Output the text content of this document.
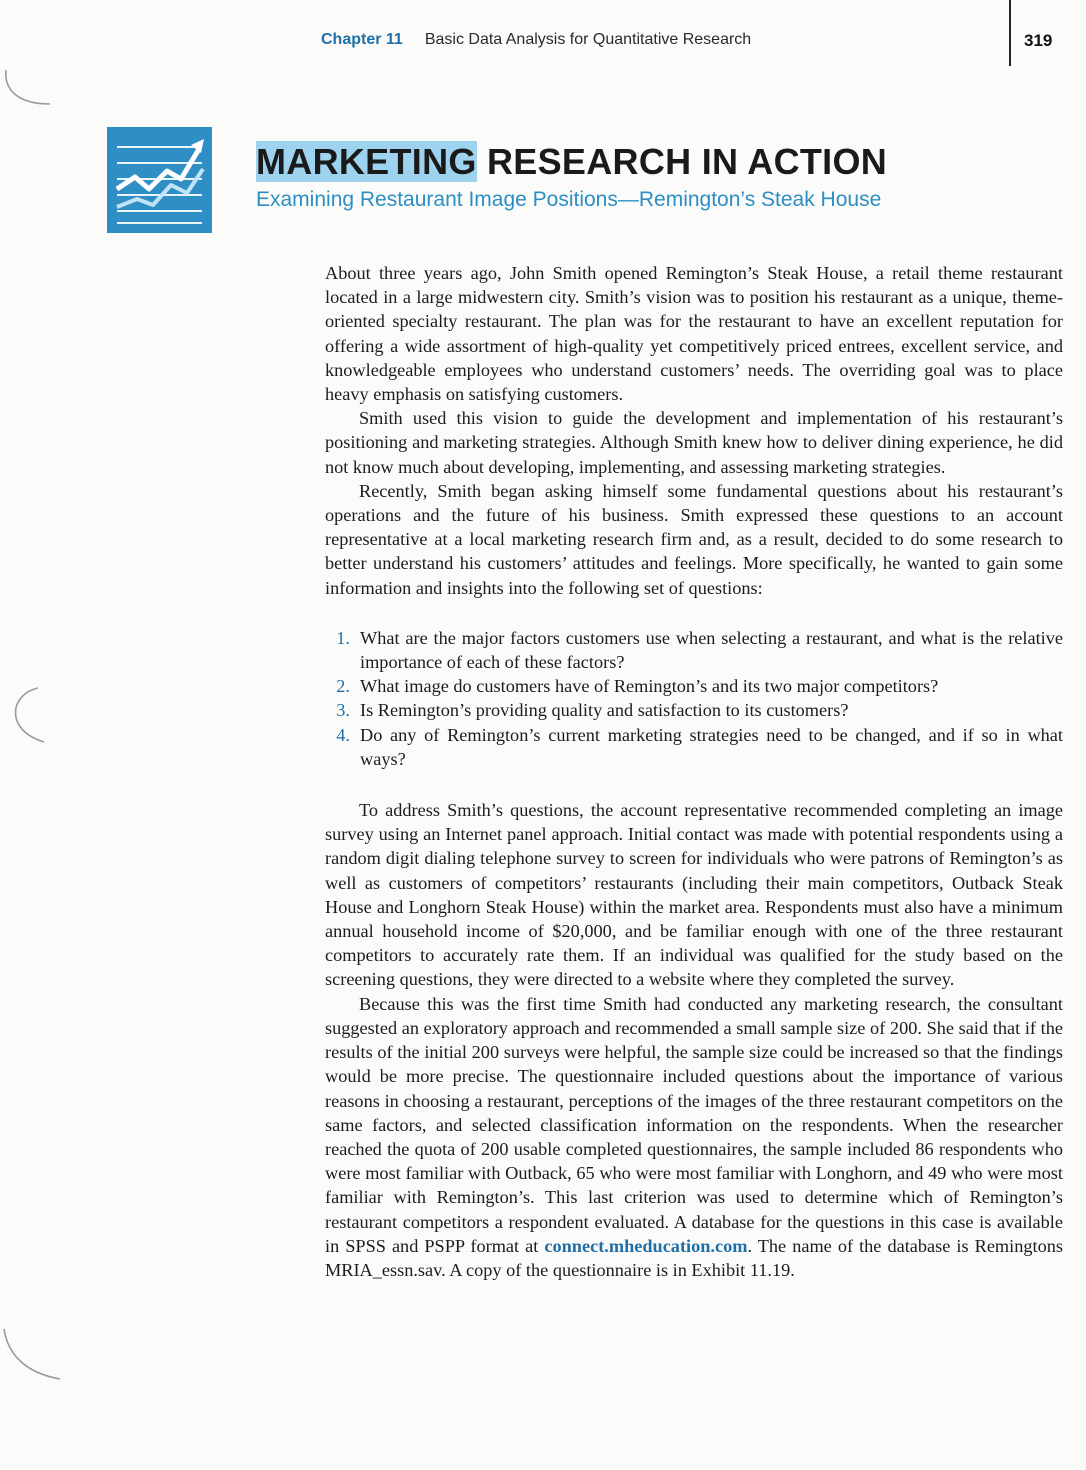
Chapter 11 Basic Data Analysis for Quantitative Research	319
MARKETING RESEARCH IN ACTION
Examining Restaurant Image Positions—Remington’s Steak House

About three years ago, John Smith opened Remington’s Steak House, a retail theme restaurant located in a large midwestern city. Smith’s vision was to position his restaurant as a unique, theme-oriented specialty restaurant. The plan was for the restaurant to have an excellent reputation for offering a wide assortment of high-quality yet competitively priced entrees, excellent service, and knowledgeable employees who understand customers’ needs. The overriding goal was to place heavy emphasis on satisfying customers.

Smith used this vision to guide the development and implementation of his restaurant’s positioning and marketing strategies. Although Smith knew how to deliver dining experience, he did not know much about developing, implementing, and assessing marketing strategies.

Recently, Smith began asking himself some fundamental questions about his restaurant’s operations and the future of his business. Smith expressed these questions to an account representative at a local marketing research firm and, as a result, decided to do some research to better understand his customers’ attitudes and feelings. More specifically, he wanted to gain some information and insights into the following set of questions:

1. What are the major factors customers use when selecting a restaurant, and what is the relative importance of each of these factors?
2. What image do customers have of Remington’s and its two major competitors?
3. Is Remington’s providing quality and satisfaction to its customers?
4. Do any of Remington’s current marketing strategies need to be changed, and if so in what ways?

To address Smith’s questions, the account representative recommended completing an image survey using an Internet panel approach. Initial contact was made with potential respondents using a random digit dialing telephone survey to screen for individuals who were patrons of Remington’s as well as customers of competitors’ restaurants (including their main competitors, Outback Steak House and Longhorn Steak House) within the market area. Respondents must also have a minimum annual household income of $20,000, and be familiar enough with one of the three restaurant competitors to accurately rate them. If an individual was qualified for the study based on the screening questions, they were directed to a website where they completed the survey.

Because this was the first time Smith had conducted any marketing research, the consultant suggested an exploratory approach and recommended a small sample size of 200. She said that if the results of the initial 200 surveys were helpful, the sample size could be increased so that the findings would be more precise. The questionnaire included questions about the importance of various reasons in choosing a restaurant, perceptions of the images of the three restaurant competitors on the same factors, and selected classification information on the respondents. When the researcher reached the quota of 200 usable completed questionnaires, the sample included 86 respondents who were most familiar with Outback, 65 who were most familiar with Longhorn, and 49 who were most familiar with Remington’s. This last criterion was used to determine which of Remington’s restaurant competitors a respondent evaluated. A database for the questions in this case is available in SPSS and PSPP format at connect.mheducation.com. The name of the database is Remingtons MRIA_essn.sav. A copy of the questionnaire is in Exhibit 11.19.
